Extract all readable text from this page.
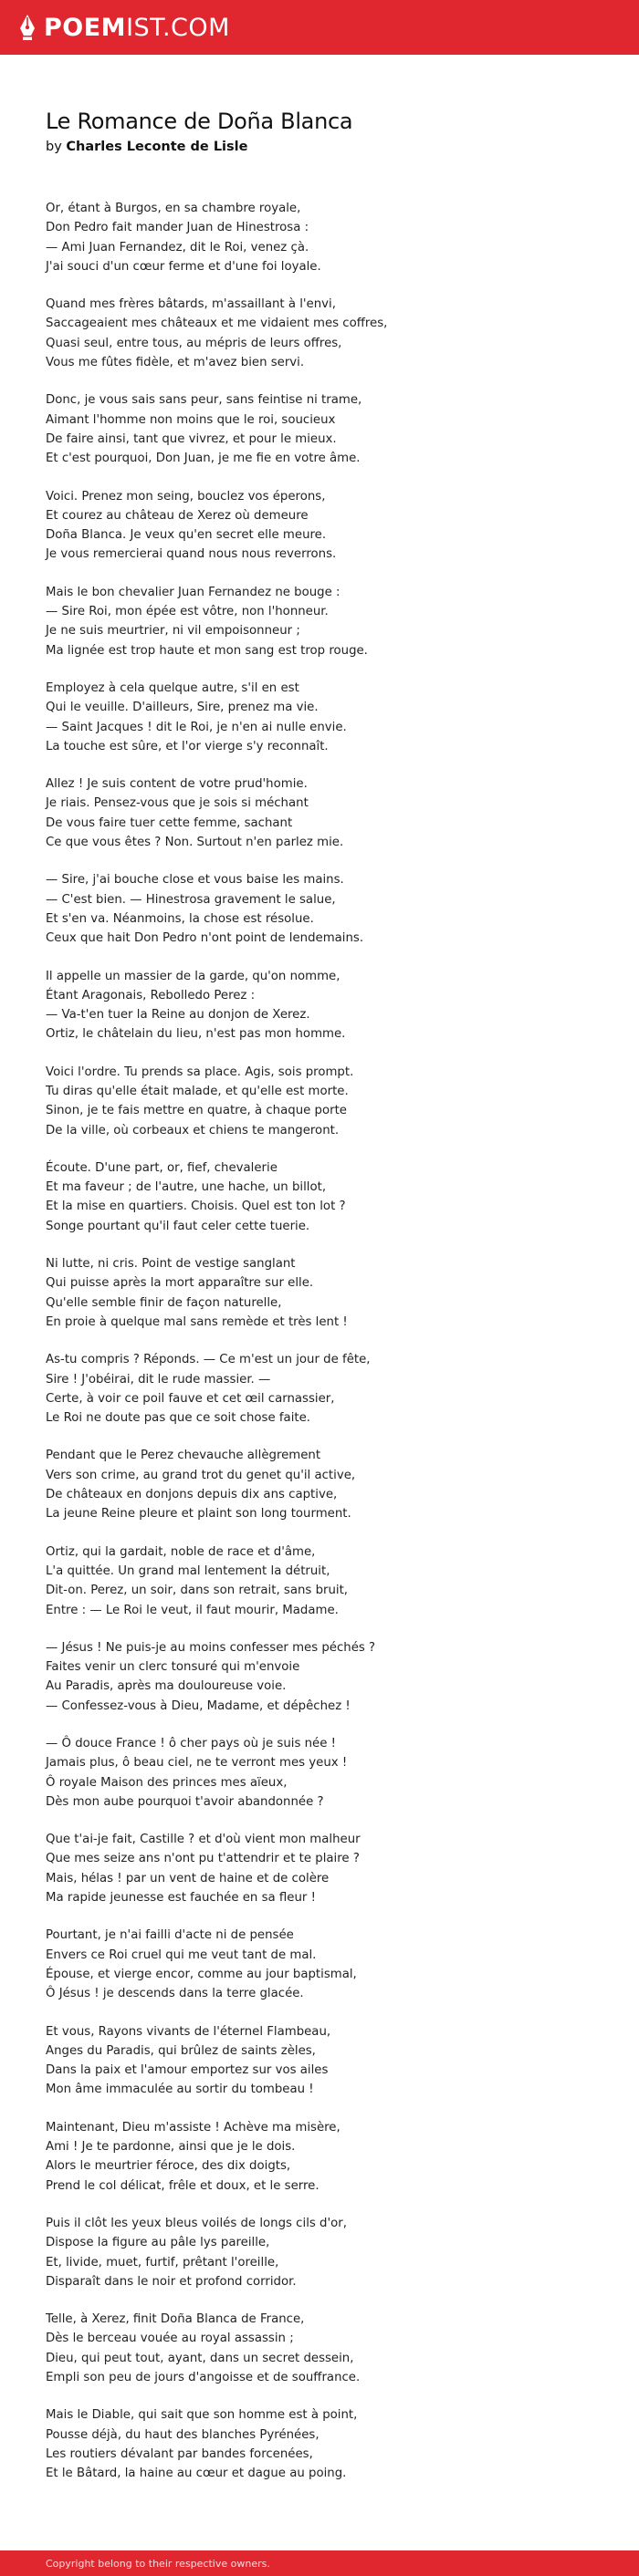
POEMIST.COM
Le Romance de Doña Blanca
by Charles Leconte de Lisle
Or, étant à Burgos, en sa chambre royale,
Don Pedro fait mander Juan de Hinestrosa :
— Ami Juan Fernandez, dit le Roi, venez çà.
J'ai souci d'un cœur ferme et d'une foi loyale.
Quand mes frères bâtards, m'assaillant à l'envi,
Saccageaient mes châteaux et me vidaient mes coffres,
Quasi seul, entre tous, au mépris de leurs offres,
Vous me fûtes fidèle, et m'avez bien servi.
Donc, je vous sais sans peur, sans feintise ni trame,
Aimant l'homme non moins que le roi, soucieux
De faire ainsi, tant que vivrez, et pour le mieux.
Et c'est pourquoi, Don Juan, je me fie en votre âme.
Voici. Prenez mon seing, bouclez vos éperons,
Et courez au château de Xerez où demeure
Doña Blanca. Je veux qu'en secret elle meure.
Je vous remercierai quand nous nous reverrons.
Mais le bon chevalier Juan Fernandez ne bouge :
— Sire Roi, mon épée est vôtre, non l'honneur.
Je ne suis meurtrier, ni vil empoisonneur ;
Ma lignée est trop haute et mon sang est trop rouge.
Employez à cela quelque autre, s'il en est
Qui le veuille. D'ailleurs, Sire, prenez ma vie.
— Saint Jacques ! dit le Roi, je n'en ai nulle envie.
La touche est sûre, et l'or vierge s'y reconnaît.
Allez ! Je suis content de votre prud'homie.
Je riais. Pensez-vous que je sois si méchant
De vous faire tuer cette femme, sachant
Ce que vous êtes ? Non. Surtout n'en parlez mie.
— Sire, j'ai bouche close et vous baise les mains.
— C'est bien. — Hinestrosa gravement le salue,
Et s'en va. Néanmoins, la chose est résolue.
Ceux que hait Don Pedro n'ont point de lendemains.
Il appelle un massier de la garde, qu'on nomme,
Étant Aragonais, Rebolledo Perez :
— Va-t'en tuer la Reine au donjon de Xerez.
Ortiz, le châtelain du lieu, n'est pas mon homme.
Voici l'ordre. Tu prends sa place. Agis, sois prompt.
Tu diras qu'elle était malade, et qu'elle est morte.
Sinon, je te fais mettre en quatre, à chaque porte
De la ville, où corbeaux et chiens te mangeront.
Écoute. D'une part, or, fief, chevalerie
Et ma faveur ; de l'autre, une hache, un billot,
Et la mise en quartiers. Choisis. Quel est ton lot ?
Songe pourtant qu'il faut celer cette tuerie.
Ni lutte, ni cris. Point de vestige sanglant
Qui puisse après la mort apparaître sur elle.
Qu'elle semble finir de façon naturelle,
En proie à quelque mal sans remède et très lent !
As-tu compris ? Réponds. — Ce m'est un jour de fête,
Sire ! J'obéirai, dit le rude massier. —
Certe, à voir ce poil fauve et cet œil carnassier,
Le Roi ne doute pas que ce soit chose faite.
Pendant que le Perez chevauche allègrement
Vers son crime, au grand trot du genet qu'il active,
De châteaux en donjons depuis dix ans captive,
La jeune Reine pleure et plaint son long tourment.
Ortiz, qui la gardait, noble de race et d'âme,
L'a quittée. Un grand mal lentement la détruit,
Dit-on. Perez, un soir, dans son retrait, sans bruit,
Entre : — Le Roi le veut, il faut mourir, Madame.
— Jésus ! Ne puis-je au moins confesser mes péchés ?
Faites venir un clerc tonsuré qui m'envoie
Au Paradis, après ma douloureuse voie.
— Confessez-vous à Dieu, Madame, et dépêchez !
— Ô douce France ! ô cher pays où je suis née !
Jamais plus, ô beau ciel, ne te verront mes yeux !
Ô royale Maison des princes mes aïeux,
Dès mon aube pourquoi t'avoir abandonnée ?
Que t'ai-je fait, Castille ? et d'où vient mon malheur
Que mes seize ans n'ont pu t'attendrir et te plaire ?
Mais, hélas ! par un vent de haine et de colère
Ma rapide jeunesse est fauchée en sa fleur !
Pourtant, je n'ai failli d'acte ni de pensée
Envers ce Roi cruel qui me veut tant de mal.
Épouse, et vierge encor, comme au jour baptismal,
Ô Jésus ! je descends dans la terre glacée.
Et vous, Rayons vivants de l'éternel Flambeau,
Anges du Paradis, qui brûlez de saints zèles,
Dans la paix et l'amour emportez sur vos ailes
Mon âme immaculée au sortir du tombeau !
Maintenant, Dieu m'assiste ! Achève ma misère,
Ami ! Je te pardonne, ainsi que je le dois.
Alors le meurtrier féroce, des dix doigts,
Prend le col délicat, frêle et doux, et le serre.
Puis il clôt les yeux bleus voilés de longs cils d'or,
Dispose la figure au pâle lys pareille,
Et, livide, muet, furtif, prêtant l'oreille,
Disparaît dans le noir et profond corridor.
Telle, à Xerez, finit Doña Blanca de France,
Dès le berceau vouée au royal assassin ;
Dieu, qui peut tout, ayant, dans un secret dessein,
Empli son peu de jours d'angoisse et de souffrance.
Mais le Diable, qui sait que son homme est à point,
Pousse déjà, du haut des blanches Pyrénées,
Les routiers dévalant par bandes forcenées,
Et le Bâtard, la haine au cœur et dague au poing.
Copyright belong to their respective owners.
